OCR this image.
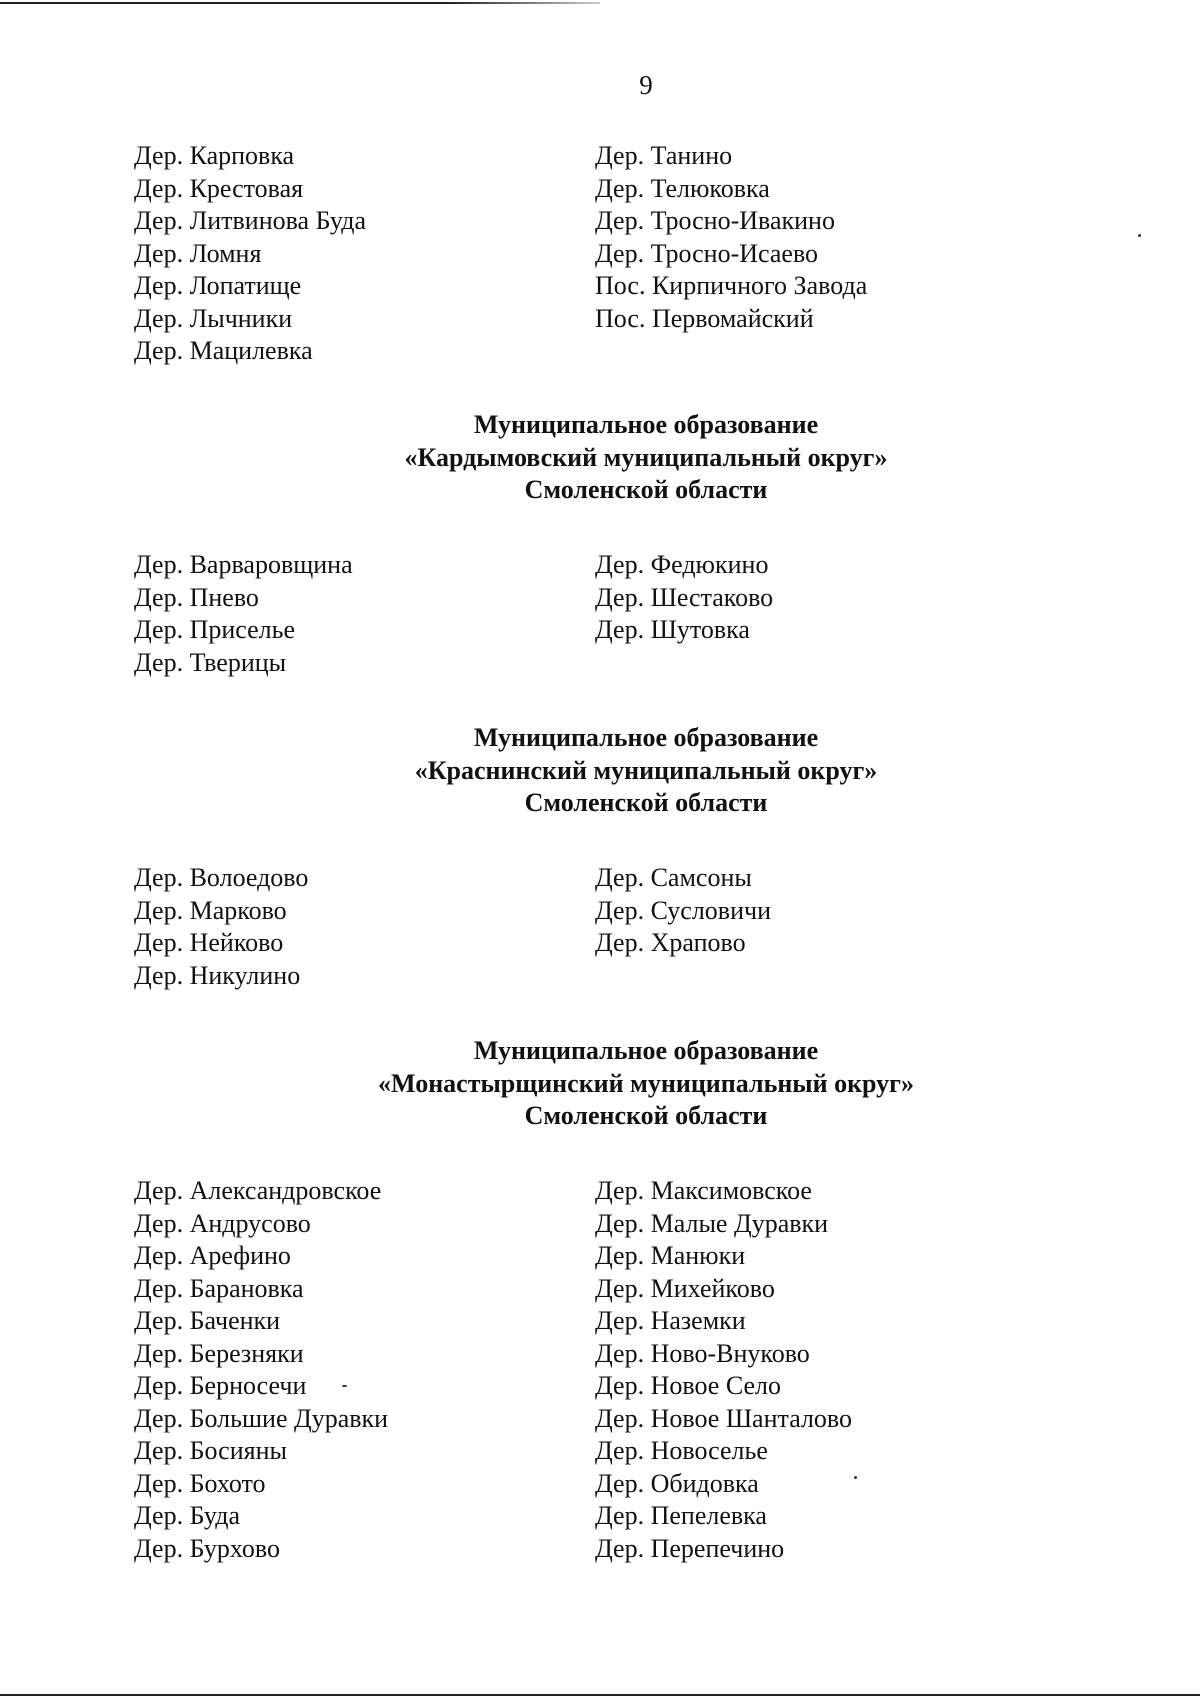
9
Дер. Карповка
Дер. Крестовая
Дер. Литвинова Буда
Дер. Ломня
Дер. Лопатище
Дер. Лычники
Дер. Мацилевка
Дер. Танино
Дер. Телюковка
Дер. Тросно-Ивакино
Дер. Тросно-Исаево
Пос. Кирпичного Завода
Пос. Первомайский
Муниципальное образование
«Кардымовский муниципальный округ»
Смоленской области
Дер. Варваровщина
Дер. Пнево
Дер. Приселье
Дер. Тверицы
Дер. Федюкино
Дер. Шестаково
Дер. Шутовка
Муниципальное образование
«Краснинский муниципальный округ»
Смоленской области
Дер. Волоедово
Дер. Марково
Дер. Нейково
Дер. Никулино
Дер. Самсоны
Дер. Сусловичи
Дер. Храпово
Муниципальное образование
«Монастырщинский муниципальный округ»
Смоленской области
Дер. Александровское
Дер. Андрусово
Дер. Арефино
Дер. Барановка
Дер. Баченки
Дер. Березняки
Дер. Берносечи
Дер. Большие Дуравки
Дер. Босияны
Дер. Бохото
Дер. Буда
Дер. Бурхово
Дер. Максимовское
Дер. Малые Дуравки
Дер. Манюки
Дер. Михейково
Дер. Наземки
Дер. Ново-Внуково
Дер. Новое Село
Дер. Новое Шанталово
Дер. Новоселье
Дер. Обидовка
Дер. Пепелевка
Дер. Перепечино
